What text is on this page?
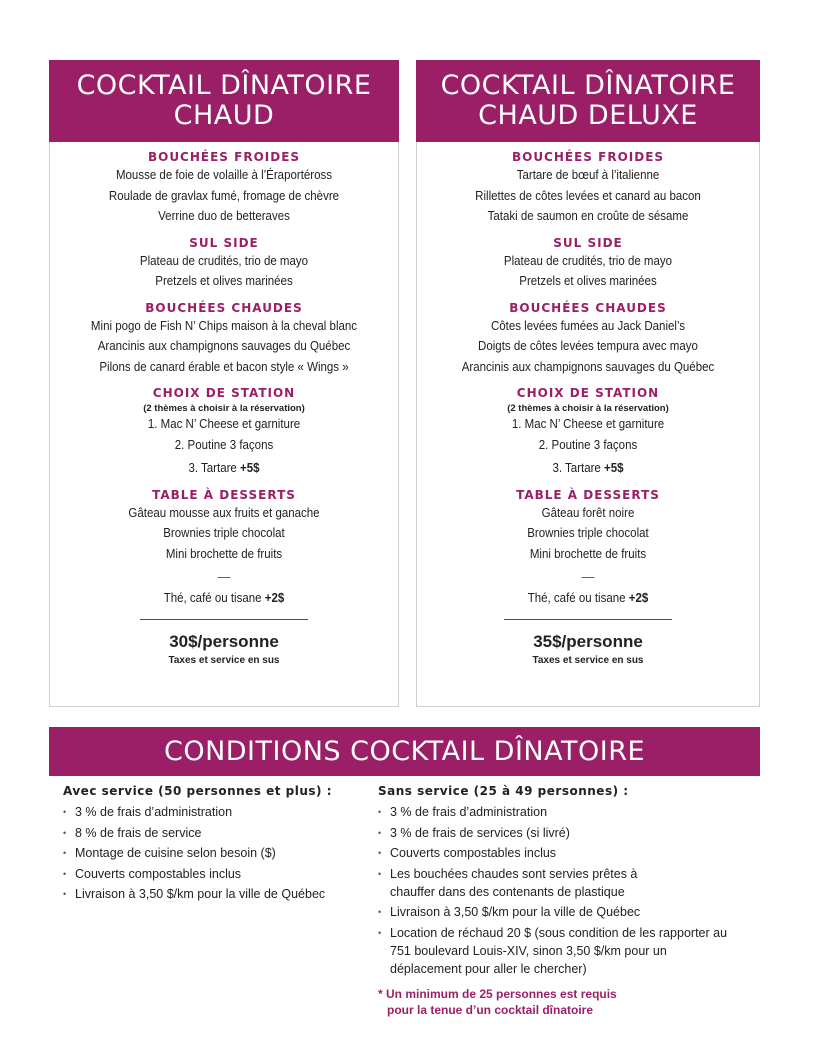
COCKTAIL DÎNATOIRE
CHAUD
BOUCHÉES FROIDES
Mousse de foie de volaille à l’Éraportéross
Roulade de gravlax fumé, fromage de chèvre
Verrine duo de betteraves
SUL SIDE
Plateau de crudités, trio de mayo
Pretzels et olives marinées
BOUCHÉES CHAUDES
Mini pogo de Fish N’ Chips maison à la cheval blanc
Arancinis aux champignons sauvages du Québec
Pilons de canard érable et bacon style « Wings »
CHOIX DE STATION
(2 thèmes à choisir à la réservation)
1. Mac N’ Cheese et garniture
2. Poutine 3 façons
3. Tartare +5$
TABLE À DESSERTS
Gâteau mousse aux fruits et ganache
Brownies triple chocolat
Mini brochette de fruits
—
Thé, café ou tisane +2$
30$/personne
Taxes et service en sus
COCKTAIL DÎNATOIRE
CHAUD DELUXE
BOUCHÉES FROIDES
Tartare de bœuf à l’italienne
Rillettes de côtes levées et canard au bacon
Tataki de saumon en croûte de sésame
SUL SIDE
Plateau de crudités, trio de mayo
Pretzels et olives marinées
BOUCHÉES CHAUDES
Côtes levées fumées au Jack Daniel’s
Doigts de côtes levées tempura avec mayo
Arancinis aux champignons sauvages du Québec
CHOIX DE STATION
(2 thèmes à choisir à la réservation)
1. Mac N’ Cheese et garniture
2. Poutine 3 façons
3. Tartare +5$
TABLE À DESSERTS
Gâteau forêt noire
Brownies triple chocolat
Mini brochette de fruits
—
Thé, café ou tisane +2$
35$/personne
Taxes et service en sus
CONDITIONS COCKTAIL DÎNATOIRE
Avec service (50 personnes et plus) :
• 3 % de frais d’administration
• 8 % de frais de service
• Montage de cuisine selon besoin ($)
• Couverts compostables inclus
• Livraison à 3,50 $/km pour la ville de Québec
Sans service (25 à 49 personnes) :
• 3 % de frais d’administration
• 3 % de frais de services (si livré)
• Couverts compostables inclus
• Les bouchées chaudes sont servies prêtes à chauffer dans des contenants de plastique
• Livraison à 3,50 $/km pour la ville de Québec
• Location de réchaud 20 $ (sous condition de les rapporter au 751 boulevard Louis-XIV, sinon 3,50 $/km pour un déplacement pour aller le chercher)
* Un minimum de 25 personnes est requis
pour la tenue d’un cocktail dînatoire
